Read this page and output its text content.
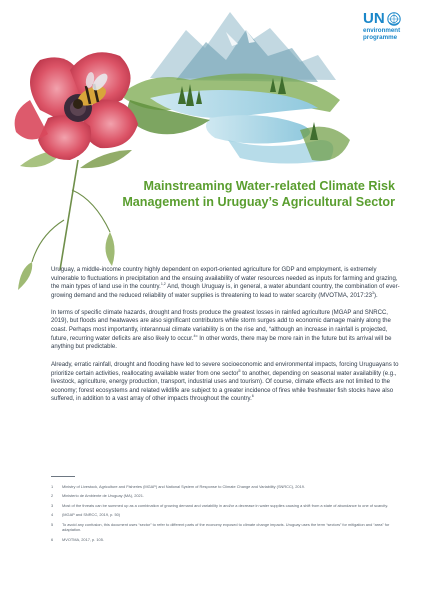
UN
environment
programme
Mainstreaming Water-related Climate Risk Management in Uruguay’s Agricultural Sector

Uruguay, a middle-income country highly dependent on export-oriented agriculture for GDP and employment, is extremely vulnerable to fluctuations in precipitation and the ensuing availability of water resources needed as inputs for farming and grazing, the main types of land use in the country.$^{1,2}$ And, though Uruguay is, in general, a water abundant country, the combination of ever-growing demand and the reduced reliability of water supplies is threatening to lead to water scarcity (MVOTMA, $2017:23^3$).

In terms of specific climate hazards, drought and frosts produce the greatest losses in rainfed agriculture (MGAP and SNRCC, 2019), but floods and heatwaves are also significant contributors while storm surges add to economic damage mainly along the coast. Perhaps most importantly, interannual climate variability is on the rise and, “although an increase in rainfall is projected, future, recurring water deficits are also likely to occur.$^4$” In other words, there may be more rain in the future but its arrival will be anything but predictable.

Already, erratic rainfall, drought and flooding have led to severe socioeconomic and environmental impacts, forcing Uruguayans to prioritize certain activities, reallocating available water from one sector$^5$ to another, depending on seasonal water availability (e.g., livestock, agriculture, energy production, transport, industrial uses and tourism). Of course, climate effects are not limited to the economy; forest ecosystems and related wildlife are subject to a greater incidence of fires while freshwater fish stocks have also suffered, in addition to a vast array of other impacts throughout the country.$^6$

1	Ministry of Livestock, Agriculture and Fisheries (MGAP) and National System of Response to Climate Change and Variability (SNRCC), 2019.
2	Ministerio de Ambiente de Uruguay (MA), 2021.
3	Most of the threats can be summed up as a combination of growing demand and variability in and/or a decrease in water supplies causing a shift from a state of abundance to one of scarcity.
4	(MGAP and SNRCC, 2019, p. 50)
5	To avoid any confusion, this document uses “sector” to refer to different parts of the economy exposed to climate change impacts. Uruguay uses the term “sectors” for mitigation and “area” for adaptation.
6	MVOTMA, 2017, p. 105.
